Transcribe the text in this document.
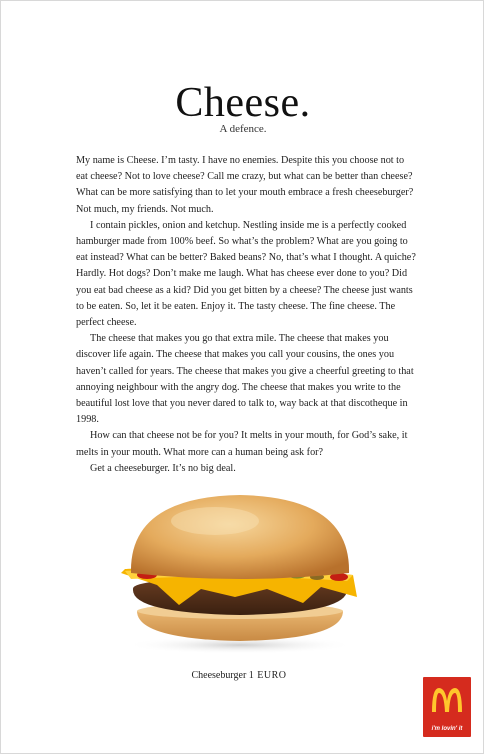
Cheese.
A defence.

My name is Cheese. I’m tasty. I have no enemies. Despite this you choose not to eat cheese? Not to love cheese? Call me crazy, but what can be better than cheese? What can be more satisfying than to let your mouth embrace a fresh cheeseburger? Not much, my friends. Not much.

I contain pickles, onion and ketchup. Nestling inside me is a perfectly cooked hamburger made from 100% beef. So what’s the problem? What are you going to eat instead? What can be better? Baked beans? No, that’s what I thought. A quiche? Hardly. Hot dogs? Don’t make me laugh. What has cheese ever done to you? Did you eat bad cheese as a kid? Did you get bitten by a cheese? The cheese just wants to be eaten. So, let it be eaten. Enjoy it. The tasty cheese. The fine cheese. The perfect cheese.

The cheese that makes you go that extra mile. The cheese that makes you discover life again. The cheese that makes you call your cousins, the ones you haven’t called for years. The cheese that makes you give a cheerful greeting to that annoying neighbour with the angry dog. The cheese that makes you write to the beautiful lost love that you never dared to talk to, way back at that discotheque in 1998.

How can that cheese not be for you? It melts in your mouth, for God’s sake, it melts in your mouth. What more can a human being ask for?

Get a cheeseburger. It’s no big deal.

Cheeseburger 1 EURO
i'm lovin' it
